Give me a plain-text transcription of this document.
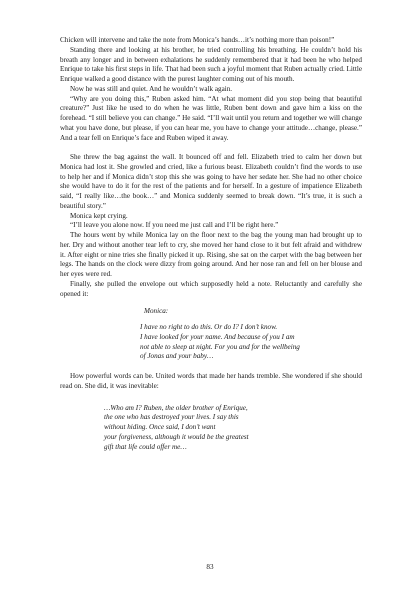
Chicken will intervene and take the note from Monica’s hands…it’s nothing more than poison!”

Standing there and looking at his brother, he tried controlling his breathing. He couldn’t hold his breath any longer and in between exhalations he suddenly remembered that it had been he who helped Enrique to take his first steps in life. That had been such a joyful moment that Ruben actually cried. Little Enrique walked a good distance with the purest laughter coming out of his mouth.

Now he was still and quiet. And he wouldn’t walk again.

“Why are you doing this,” Ruben asked him. “At what moment did you stop being that beautiful creature?” Just like he used to do when he was little, Ruben bent down and gave him a kiss on the forehead. “I still believe you can change.” He said. “I’ll wait until you return and together we will change what you have done, but please, if you can hear me, you have to change your attitude…change, please.” And a tear fell on Enrique’s face and Ruben wiped it away.

She threw the bag against the wall. It bounced off and fell. Elizabeth tried to calm her down but Monica had lost it. She growled and cried, like a furious beast. Elizabeth couldn’t find the words to use to help her and if Monica didn’t stop this she was going to have her sedate her. She had no other choice she would have to do it for the rest of the patients and for herself. In a gesture of impatience Elizabeth said, “I really like…the book…” and Monica suddenly seemed to break down. “It’s true, it is such a beautiful story.”

Monica kept crying.

“I’ll leave you alone now. If you need me just call and I’ll be right here.”

The hours went by while Monica lay on the floor next to the bag the young man had brought up to her. Dry and without another tear left to cry, she moved her hand close to it but felt afraid and withdrew it. After eight or nine tries she finally picked it up. Rising, she sat on the carpet with the bag between her legs. The hands on the clock were dizzy from going around. And her nose ran and fell on her blouse and her eyes were red.

Finally, she pulled the envelope out which supposedly held a note. Reluctantly and carefully she opened it:

Monica:
I have no right to do this. Or do I? I don’t know.
I have looked for your name. And because of you I am
not able to sleep at night. For you and for the wellbeing
of Jonas and your baby…

How powerful words can be. United words that made her hands tremble. She wondered if she should read on. She did, it was inevitable:

…Who am I? Ruben, the older brother of Enrique,
the one who has destroyed your lives. I say this
without hiding. Once said, I don’t want
your forgiveness, although it would be the greatest
gift that life could offer me…
83
